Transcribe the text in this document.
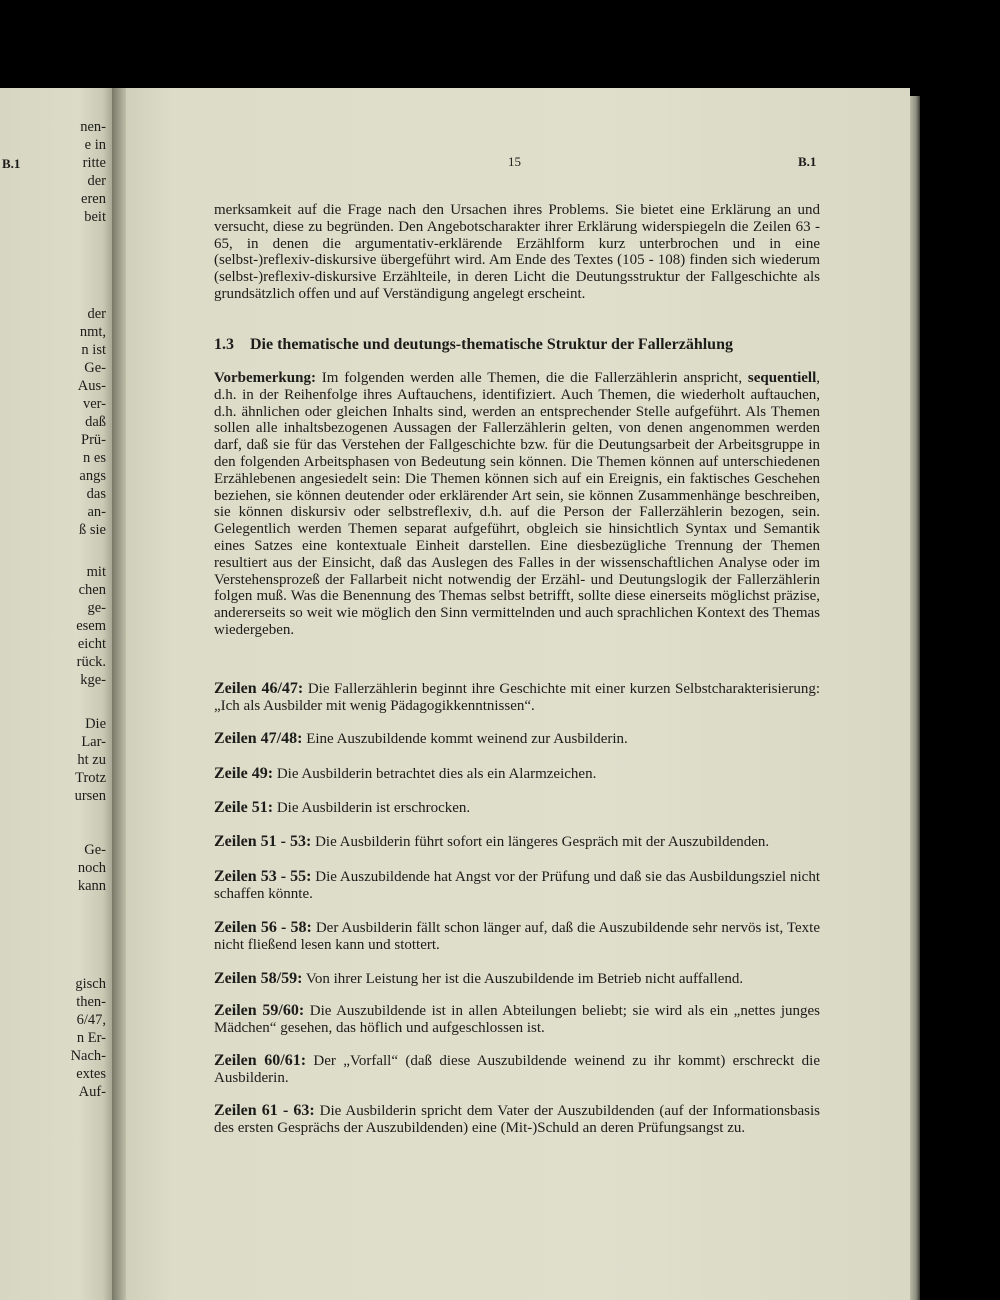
B.1
nen-
e in
ritte
der
eren
beit
der
nmt,
n ist
Ge-
Aus-
ver-
daß
Prü-
n es
angs
das
an-
ß sie
mit
chen
ge-
esem
eicht
rück.
kge-
Die
Lar-
ht zu
Trotz
ursen
Ge-
noch
kann
gisch
then-
6/47,
n Er-
Nach-
extes
Auf-
15	B.1

merksamkeit auf die Frage nach den Ursachen ihres Problems. Sie bietet eine Erklärung an und versucht, diese zu begründen. Den Angebotscharakter ihrer Erklärung widerspiegeln die Zeilen 63 - 65, in denen die argumentativ-erklärende Erzählform kurz unterbrochen und in eine (selbst-)reflexiv-diskursive übergeführt wird. Am Ende des Textes (105 - 108) finden sich wiederum (selbst-)reflexiv-diskursive Erzählteile, in deren Licht die Deutungsstruktur der Fallgeschichte als grundsätzlich offen und auf Verständigung angelegt erscheint.

1.3 Die thematische und deutungs-thematische Struktur der Fallerzählung

Vorbemerkung: Im folgenden werden alle Themen, die die Fallerzählerin anspricht, sequentiell, d.h. in der Reihenfolge ihres Auftauchens, identifiziert. Auch Themen, die wiederholt auftauchen, d.h. ähnlichen oder gleichen Inhalts sind, werden an entsprechender Stelle aufgeführt. Als Themen sollen alle inhaltsbezogenen Aussagen der Fallerzählerin gelten, von denen angenommen werden darf, daß sie für das Verstehen der Fallgeschichte bzw. für die Deutungsarbeit der Arbeitsgruppe in den folgenden Arbeitsphasen von Bedeutung sein können. Die Themen können auf unterschiedenen Erzählebenen angesiedelt sein: Die Themen können sich auf ein Ereignis, ein faktisches Geschehen beziehen, sie können deutender oder erklärender Art sein, sie können Zusammenhänge beschreiben, sie können diskursiv oder selbstreflexiv, d.h. auf die Person der Fallerzählerin bezogen, sein. Gelegentlich werden Themen separat aufgeführt, obgleich sie hinsichtlich Syntax und Semantik eines Satzes eine kontextuale Einheit darstellen. Eine diesbezügliche Trennung der Themen resultiert aus der Einsicht, daß das Auslegen des Falles in der wissenschaftlichen Analyse oder im Verstehensprozeß der Fallarbeit nicht notwendig der Erzähl- und Deutungslogik der Fallerzählerin folgen muß. Was die Benennung des Themas selbst betrifft, sollte diese einerseits möglichst präzise, andererseits so weit wie möglich den Sinn vermittelnden und auch sprachlichen Kontext des Themas wiedergeben.

Zeilen 46/47: Die Fallerzählerin beginnt ihre Geschichte mit einer kurzen Selbstcharakterisierung: „Ich als Ausbilder mit wenig Pädagogikkenntnissen“.

Zeilen 47/48: Eine Auszubildende kommt weinend zur Ausbilderin.

Zeile 49: Die Ausbilderin betrachtet dies als ein Alarmzeichen.

Zeile 51: Die Ausbilderin ist erschrocken.

Zeilen 51 - 53: Die Ausbilderin führt sofort ein längeres Gespräch mit der Auszubildenden.

Zeilen 53 - 55: Die Auszubildende hat Angst vor der Prüfung und daß sie das Ausbildungsziel nicht schaffen könnte.

Zeilen 56 - 58: Der Ausbilderin fällt schon länger auf, daß die Auszubildende sehr nervös ist, Texte nicht fließend lesen kann und stottert.

Zeilen 58/59: Von ihrer Leistung her ist die Auszubildende im Betrieb nicht auffallend.

Zeilen 59/60: Die Auszubildende ist in allen Abteilungen beliebt; sie wird als ein „nettes junges Mädchen“ gesehen, das höflich und aufgeschlossen ist.

Zeilen 60/61: Der „Vorfall“ (daß diese Auszubildende weinend zu ihr kommt) erschreckt die Ausbilderin.

Zeilen 61 - 63: Die Ausbilderin spricht dem Vater der Auszubildenden (auf der Informationsbasis des ersten Gesprächs der Auszubildenden) eine (Mit-)Schuld an deren Prüfungsangst zu.
